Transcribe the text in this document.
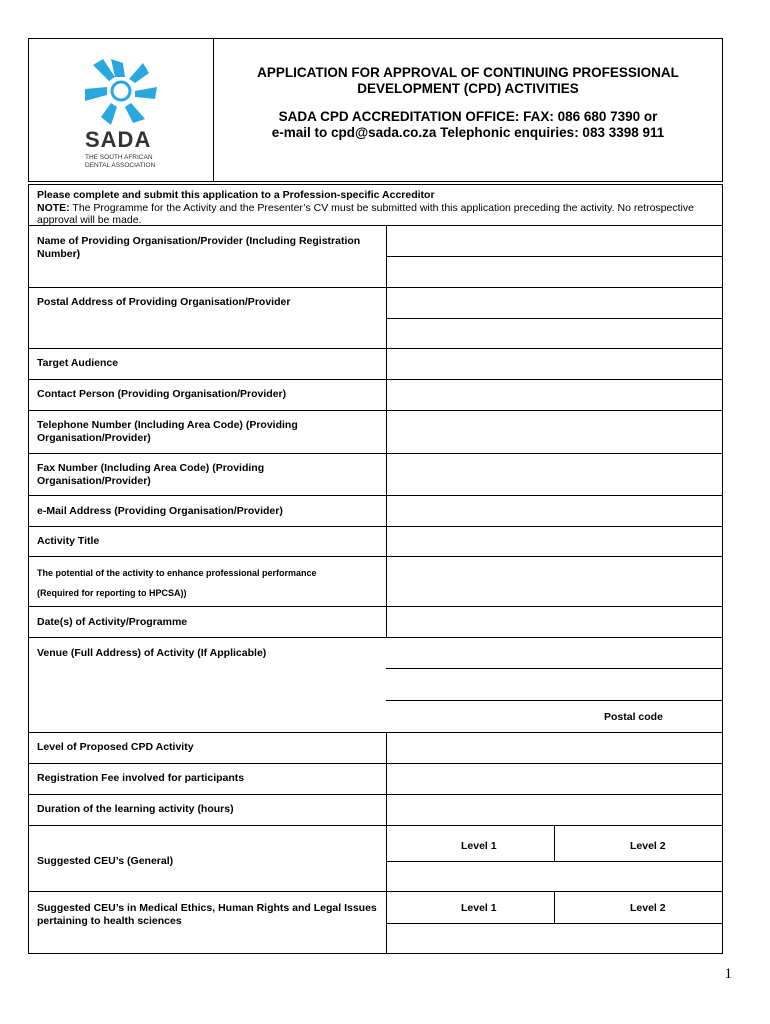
SADA
THE SOUTH AFRICAN
DENTAL ASSOCIATION
APPLICATION FOR APPROVAL OF CONTINUING PROFESSIONAL
DEVELOPMENT (CPD) ACTIVITIES
SADA CPD ACCREDITATION OFFICE: FAX: 086 680 7390 or
e-mail to cpd@sada.co.za Telephonic enquiries: 083 3398 911
Please complete and submit this application to a Profession-specific Accreditor
NOTE: The Programme for the Activity and the Presenter’s CV must be submitted with this application preceding the activity. No retrospective approval will be made.
Name of Providing Organisation/Provider (Including Registration Number)
Postal Address of Providing Organisation/Provider
Target Audience
Contact Person (Providing Organisation/Provider)
Telephone Number (Including Area Code) (Providing Organisation/Provider)
Fax Number (Including Area Code) (Providing Organisation/Provider)
e-Mail Address (Providing Organisation/Provider)
Activity Title
The potential of the activity to enhance professional performance
(Required for reporting to HPCSA))
Date(s) of Activity/Programme
Venue (Full Address) of Activity (If Applicable)
Postal code
Level of Proposed CPD Activity
Registration Fee involved for participants
Duration of the learning activity (hours)
Suggested CEU’s (General)
Level 1	Level 2
Suggested CEU’s in Medical Ethics, Human Rights and Legal Issues pertaining to health sciences
Level 1	Level 2
1
